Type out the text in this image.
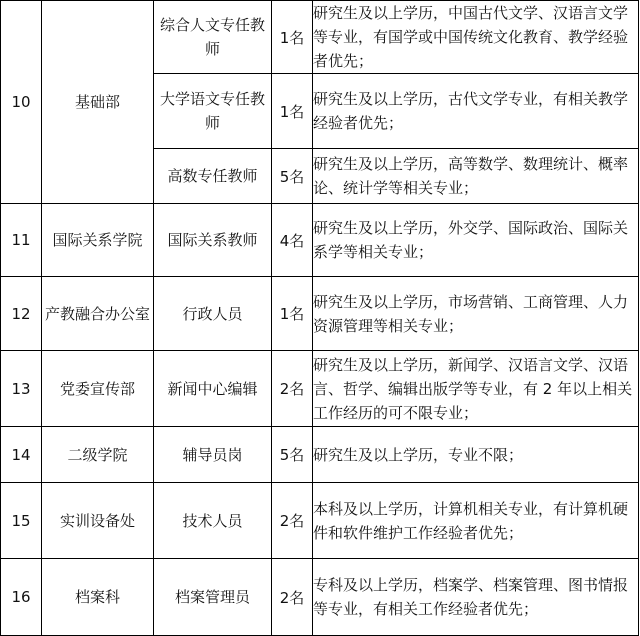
10	基础部	综合人文专任教师	1名	研究生及以上学历，中国古代文学、汉语言文学等专业，有国学或中国传统文化教育、教学经验者优先；
		大学语文专任教师	1名	研究生及以上学历，古代文学专业，有相关教学经验者优先；
		高数专任教师	5名	研究生及以上学历，高等数学、数理统计、概率论、统计学等相关专业；
11	国际关系学院	国际关系教师	4名	研究生及以上学历，外交学、国际政治、国际关系学等相关专业；
12	产教融合办公室	行政人员	1名	研究生及以上学历，市场营销、工商管理、人力资源管理等相关专业；
13	党委宣传部	新闻中心编辑	2名	研究生及以上学历，新闻学、汉语言文学、汉语言、哲学、编辑出版学等专业，有 2 年以上相关工作经历的可不限专业；
14	二级学院	辅导员岗	5名	研究生及以上学历，专业不限；
15	实训设备处	技术人员	2名	本科及以上学历，计算机相关专业，有计算机硬件和软件维护工作经验者优先；
16	档案科	档案管理员	2名	专科及以上学历，档案学、档案管理、图书情报等专业，有相关工作经验者优先；
